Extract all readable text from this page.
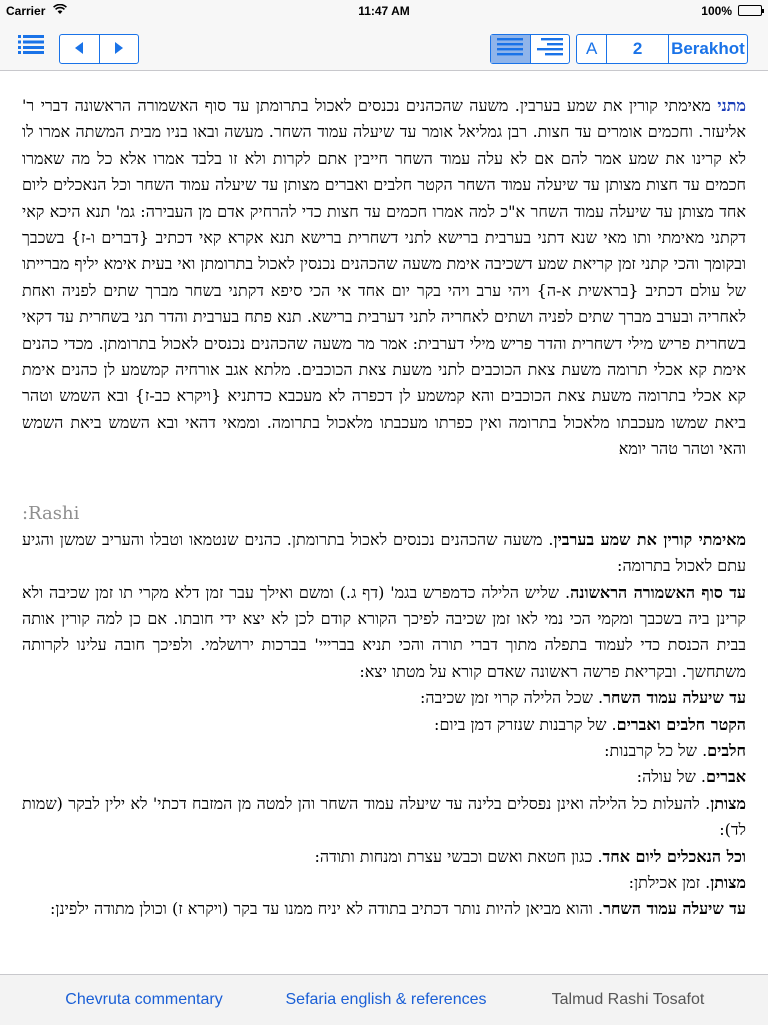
Carrier	11:47 AM	100%
A	2	Berakhot

מתני מאימתי קורין את שמע בערבין. משעה שהכהנים נכנסים לאכול בתרומתן עד סוף האשמורה הראשונה דברי ר' אליעזר. וחכמים אומרים עד חצות. רבן גמליאל אומר עד שיעלה עמוד השחר. מעשה ובאו בניו מבית המשתה אמרו לו לא קרינו את שמע אמר להם אם לא עלה עמוד השחר חייבין אתם לקרות ולא זו בלבד אמרו אלא כל מה שאמרו חכמים עד חצות מצותן עד שיעלה עמוד השחר הקטר חלבים ואברים מצותן עד שיעלה עמוד השחר וכל הנאכלים ליום אחד מצותן עד שיעלה עמוד השחר א"כ למה אמרו חכמים עד חצות כדי להרחיק אדם מן העבירה: גמ' תנא היכא קאי דקתני מאימתי ותו מאי שנא דתני בערבית ברישא לתני דשחרית ברישא תנא אקרא קאי דכתיב {דברים ו-ז} בשכבך ובקומך והכי קתני זמן קריאת שמע דשכיבה אימת משעה שהכהנים נכנסין לאכול בתרומתן ואי בעית אימא יליף מברייתו של עולם דכתיב {בראשית א-ה} ויהי ערב ויהי בקר יום אחד אי הכי סיפא דקתני בשחר מברך שתים לפניה ואחת לאחריה ובערב מברך שתים לפניה ושתים לאחריה לתני דערבית ברישא. תנא פתח בערבית והדר תני בשחרית עד דקאי בשחרית פריש מילי דשחרית והדר פריש מילי דערבית: אמר מר משעה שהכהנים נכנסים לאכול בתרומתן. מכדי כהנים אימת קא אכלי תרומה משעת צאת הכוכבים לתני משעת צאת הכוכבים. מלתא אגב אורחיה קמשמע לן כהנים אימת קא אכלי בתרומה משעת צאת הכוכבים והא קמשמע לן דכפרה לא מעכבא כדתניא {ויקרא כב-ז} ובא השמש וטהר ביאת שמשו מעכבתו מלאכול בתרומה ואין כפרתו מעכבתו מלאכול בתרומה. וממאי דהאי ובא השמש ביאת השמש והאי וטהר טהר יומא

:Rashi

מאימתי קורין את שמע בערבין. משעה שהכהנים נכנסים לאכול בתרומתן. כהנים שנטמאו וטבלו והעריב שמשן והגיע עתם לאכול בתרומה:

עד סוף האשמורה הראשונה. שליש הלילה כדמפרש בגמ' (דף ג.) ומשם ואילך עבר זמן דלא מקרי תו זמן שכיבה ולא קרינן ביה בשכבך ומקמי הכי נמי לאו זמן שכיבה לפיכך הקורא קודם לכן לא יצא ידי חובתו. אם כן למה קורין אותה בבית הכנסת כדי לעמוד בתפלה מתוך דברי תורה והכי תניא בברייי' בברכות ירושלמי. ולפיכך חובה עלינו לקרותה משתחשך. ובקריאת פרשה ראשונה שאדם קורא על מטתו יצא:

עד שיעלה עמוד השחר. שכל הלילה קרוי זמן שכיבה:

הקטר חלבים ואברים. של קרבנות שנזרק דמן ביום:

חלבים. של כל קרבנות:

אברים. של עולה:

מצותן. להעלות כל הלילה ואינן נפסלים בלינה עד שיעלה עמוד השחר והן למטה מן המזבח דכתי' לא ילין לבקר (שמות לד):

וכל הנאכלים ליום אחד. כגון חטאת ואשם וכבשי עצרת ומנחות ותודה:

מצותן. זמן אכילתן:

עד שיעלה עמוד השחר. והוא מביאן להיות נותר דכתיב בתודה לא יניח ממנו עד בקר (ויקרא ז) וכולן מתודה ילפינן:

Chevruta commentary	Sefaria english & references	Talmud Rashi Tosafot
